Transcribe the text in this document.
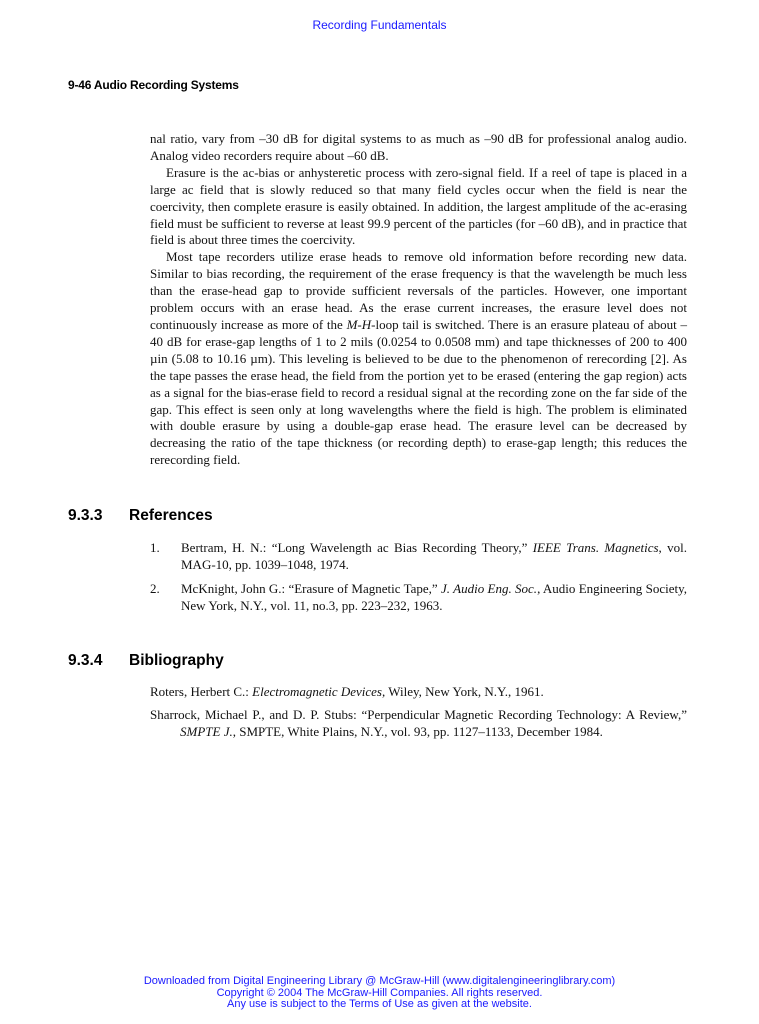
Recording Fundamentals
9-46 Audio Recording Systems

nal ratio, vary from –30 dB for digital systems to as much as –90 dB for professional analog audio. Analog video recorders require about –60 dB.

Erasure is the ac-bias or anhysteretic process with zero-signal field. If a reel of tape is placed in a large ac field that is slowly reduced so that many field cycles occur when the field is near the coercivity, then complete erasure is easily obtained. In addition, the largest amplitude of the ac-erasing field must be sufficient to reverse at least 99.9 percent of the particles (for –60 dB), and in practice that field is about three times the coercivity.

Most tape recorders utilize erase heads to remove old information before recording new data. Similar to bias recording, the requirement of the erase frequency is that the wavelength be much less than the erase-head gap to provide sufficient reversals of the particles. However, one important problem occurs with an erase head. As the erase current increases, the erasure level does not continuously increase as more of the M-H-loop tail is switched. There is an erasure plateau of about –40 dB for erase-gap lengths of 1 to 2 mils (0.0254 to 0.0508 mm) and tape thicknesses of 200 to 400 µin (5.08 to 10.16 µm). This leveling is believed to be due to the phenomenon of rerecording [2]. As the tape passes the erase head, the field from the portion yet to be erased (entering the gap region) acts as a signal for the bias-erase field to record a residual signal at the recording zone on the far side of the gap. This effect is seen only at long wavelengths where the field is high. The problem is eliminated with double erasure by using a double-gap erase head. The erasure level can be decreased by decreasing the ratio of the tape thickness (or recording depth) to erase-gap length; this reduces the rerecording field.

9.3.3	References
1.	Bertram, H. N.: “Long Wavelength ac Bias Recording Theory,” IEEE Trans. Magnetics, vol. MAG-10, pp. 1039–1048, 1974.
2.	McKnight, John G.: “Erasure of Magnetic Tape,” J. Audio Eng. Soc., Audio Engineering Society, New York, N.Y., vol. 11, no.3, pp. 223–232, 1963.
9.3.4	Bibliography
Roters, Herbert C.: Electromagnetic Devices, Wiley, New York, N.Y., 1961.
Sharrock, Michael P., and D. P. Stubs: “Perpendicular Magnetic Recording Technology: A Review,” SMPTE J., SMPTE, White Plains, N.Y., vol. 93, pp. 1127–1133, December 1984.
Downloaded from Digital Engineering Library @ McGraw-Hill (www.digitalengineeringlibrary.com)
Copyright © 2004 The McGraw-Hill Companies. All rights reserved.
Any use is subject to the Terms of Use as given at the website.
